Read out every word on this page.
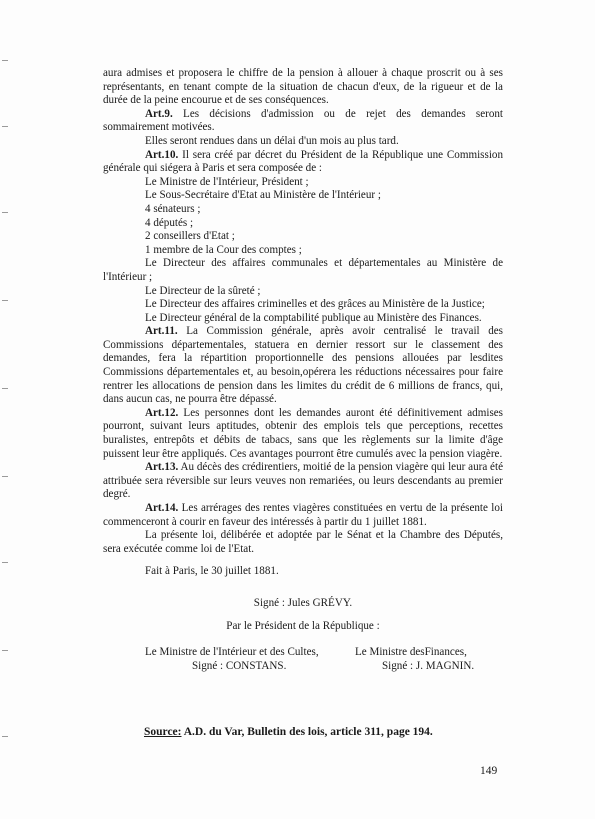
aura admises et proposera le chiffre de la pension à allouer à chaque proscrit ou à ses représentants, en tenant compte de la situation de chacun d'eux, de la rigueur et de la durée de la peine encourue et de ses conséquences.

Art.9. Les décisions d'admission ou de rejet des demandes seront sommairement motivées.

Elles seront rendues dans un délai d'un mois au plus tard.

Art.10. Il sera créé par décret du Président de la République une Commission générale qui siégera à Paris et sera composée de :

Le Ministre de l'Intérieur, Président ;

Le Sous-Secrétaire d'Etat au Ministère de l'Intérieur ;

4 sénateurs ;

4 députés ;

2 conseillers d'Etat ;

1 membre de la Cour des comptes ;

Le Directeur des affaires communales et départementales au Ministère de l'Intérieur ;

Le Directeur de la sûreté ;

Le Directeur des affaires criminelles et des grâces au Ministère de la Justice;

Le Directeur général de la comptabilité publique au Ministère des Finances.

Art.11. La Commission générale, après avoir centralisé le travail des Commissions départementales, statuera en dernier ressort sur le classement des demandes, fera la répartition proportionnelle des pensions allouées par lesdites Commissions départementales et, au besoin,opérera les réductions nécessaires pour faire rentrer les allocations de pension dans les limites du crédit de 6 millions de francs, qui, dans aucun cas, ne pourra être dépassé.

Art.12. Les personnes dont les demandes auront été définitivement admises pourront, suivant leurs aptitudes, obtenir des emplois tels que perceptions, recettes buralistes, entrepôts et débits de tabacs, sans que les règlements sur la limite d'âge puissent leur être appliqués. Ces avantages pourront être cumulés avec la pension viagère.

Art.13. Au décès des crédirentiers, moitié de la pension viagère qui leur aura été attribuée sera réversible sur leurs veuves non remariées, ou leurs descendants au premier degré.

Art.14. Les arrérages des rentes viagères constituées en vertu de la présente loi commenceront à courir en faveur des intéressés à partir du 1 juillet 1881.

La présente loi, délibérée et adoptée par le Sénat et la Chambre des Députés, sera exécutée comme loi de l'Etat.

Fait à Paris, le 30 juillet 1881.

Signé : Jules GRÉVY.

Par le Président de la République :

Le Ministre de l'Intérieur et des Cultes,
Signé : CONSTANS.
Le Ministre desFinances,
Signé : J. MAGNIN.
Source: A.D. du Var, Bulletin des lois, article 311, page 194.
149
